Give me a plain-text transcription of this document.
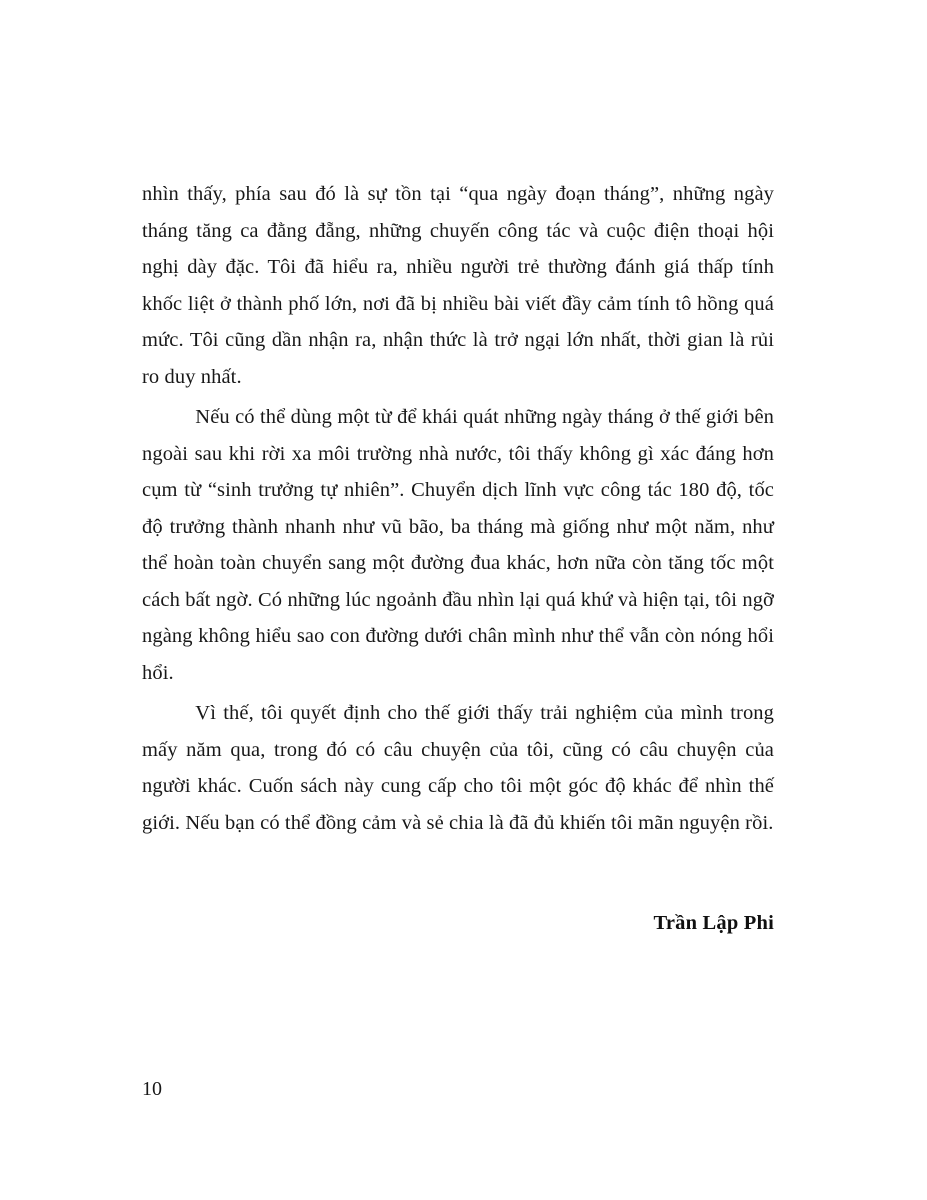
nhìn thấy, phía sau đó là sự tồn tại “qua ngày đoạn tháng”, những ngày tháng tăng ca đằng đẵng, những chuyến công tác và cuộc điện thoại hội nghị dày đặc. Tôi đã hiểu ra, nhiều người trẻ thường đánh giá thấp tính khốc liệt ở thành phố lớn, nơi đã bị nhiều bài viết đầy cảm tính tô hồng quá mức. Tôi cũng dần nhận ra, nhận thức là trở ngại lớn nhất, thời gian là rủi ro duy nhất.

Nếu có thể dùng một từ để khái quát những ngày tháng ở thế giới bên ngoài sau khi rời xa môi trường nhà nước, tôi thấy không gì xác đáng hơn cụm từ “sinh trưởng tự nhiên”. Chuyển dịch lĩnh vực công tác 180 độ, tốc độ trưởng thành nhanh như vũ bão, ba tháng mà giống như một năm, như thể hoàn toàn chuyển sang một đường đua khác, hơn nữa còn tăng tốc một cách bất ngờ. Có những lúc ngoảnh đầu nhìn lại quá khứ và hiện tại, tôi ngỡ ngàng không hiểu sao con đường dưới chân mình như thể vẫn còn nóng hổi hổi.

Vì thế, tôi quyết định cho thế giới thấy trải nghiệm của mình trong mấy năm qua, trong đó có câu chuyện của tôi, cũng có câu chuyện của người khác. Cuốn sách này cung cấp cho tôi một góc độ khác để nhìn thế giới. Nếu bạn có thể đồng cảm và sẻ chia là đã đủ khiến tôi mãn nguyện rồi.

Trần Lập Phi
10
